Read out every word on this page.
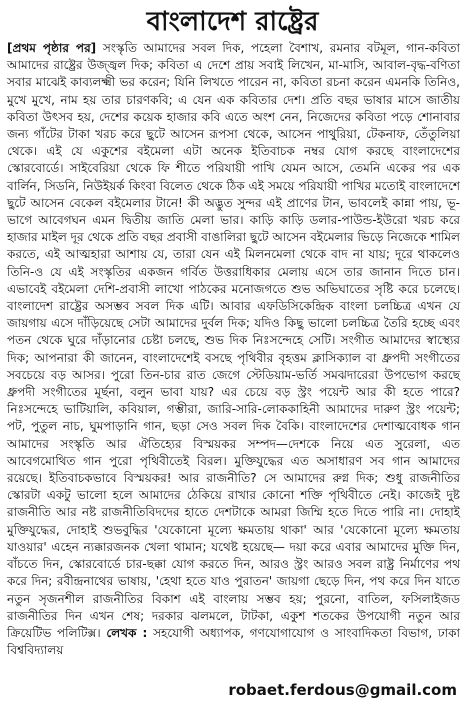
বাংলাদেশ রাষ্ট্রের

[প্রথম পৃষ্ঠার পর] সংস্কৃতি আমাদের সবল দিক, পহেলা বৈশাখ, রমনার বটমূল, গান-কবিতা আমাদের রাষ্ট্রের উজ্জ্বল দিক; কবিতা এ দেশে প্রায় সবাই লিখেন, মা-মাসি, আবাল-বৃদ্ধ-বণিতা সবার মাঝেই কাব্যলক্ষ্মী ভর করেন; যিনি লিখতে পারেন না, কবিতা রচনা করেন এমনকি তিনিও, মুখে মুখে, নাম হয় তার চারণকবি; এ যেন এক কবিতার দেশ। প্রতি বছর ভাষার মাসে জাতীয় কবিতা উৎসব হয়, দেশের কয়েক হাজার কবি এতে অংশ নেন, নিজেদের কবিতা পড়ে শোনাবার জন্য গাঁটের টাকা খরচ করে ছুটে আসেন রূপসা থেকে, আসেন পাথুরিয়া, টেকনাফ, তেঁতুলিয়া থেকে। এই যে একুশের বইমেলা এটা অনেক ইতিবাচক নম্বর যোগ করছে বাংলাদেশের স্কোরবোর্ডে। সাইবেরিয়া থেকে ফি শীতে পরিযায়ী পাখি যেমন আসে, তেমনি একের পর এক বার্লিন, সিডনি, নিউইয়র্ক কিংবা বিলেত থেকে ঠিক এই সময়ে পরিযায়ী পাখির মতোই বাংলাদেশে ছুটে আসেন বেকেল বইমেলার টানে! কী অদ্ভুত সুন্দর এই প্রাণের টান, ভাবলেই কান্না পায়, ভূ-ভাগে আবেগঘন এমন দ্বিতীয় জাতি মেলা ভার। কাড়ি কাড়ি ডলার-পাউন্ড-ইউরো খরচ করে হাজার মাইল দূর থেকে প্রতি বছর প্রবাসী বাঙালিরা ছুটে আসেন বইমেলার ভিড়ে নিজেকে শামিল করতে, এই আত্মহারা আশায় যে, তারা যেন এই মিলনমেলা থেকে বাদ না যায়; দূরে থাকলেও তিনি-ও যে এই সংস্কৃতির একজন গর্বিত উত্তরাধিকার মেলায় এসে তার জানান দিতে চান। এভাবেই বইমেলা দেশি-প্রবাসী লাখো পাঠকের মনোজগতে শুভ অভিঘাতের সৃষ্টি করে চলেছে। বাংলাদেশ রাষ্ট্রের অসম্ভব সবল দিক এটি। আবার এফডিসিকেন্দ্রিক বাংলা চলচ্চিত্র এখন যে জায়গায় এসে দাঁড়িয়েছে সেটা আমাদের দুর্বল দিক; যদিও কিছু ভালো চলচ্চিত্র তৈরি হচ্ছে এবং পতন থেকে ঘুরে দাঁড়ানোর চেষ্টা চলছে, শুভ দিক নিঃসন্দেহে সেটি। সংগীত আমাদের স্বাস্থ্যের দিক; আপনারা কী জানেন, বাংলাদেশেই বসছে পৃথিবীর বৃহত্তম ক্লাসিক্যাল বা ধ্রুপদী সংগীতের সবচেয়ে বড় আসর। পুরো তিন-চার রাত জেগে স্টেডিয়াম-ভর্তি সমঝদারেরা উপভোগ করছে ধ্রুপদী সংগীতের মূর্ছনা, বলুন ভাবা যায়? এর চেয়ে বড় স্ট্রং পয়েন্ট আর কী হতে পারে? নিঃসন্দেহে ভাটিয়ালি, কবিয়াল, গম্ভীরা, জারি-সারি-লোককাহিনী আমাদের দারুণ স্ট্রং পয়েন্ট; পট, পুতুল নাচ, ঘুমপাড়ানি গান, ছড়া সেও সবল দিক বৈকি। বাংলাদেশের দেশাত্মবোধক গান আমাদের সংস্কৃতি আর ঐতিহ্যের বিস্ময়কর সম্পদ—দেশকে নিয়ে এত সুরেলা, এত আবেগমোথিত গান পুরো পৃথিবীতেই বিরল। মুক্তিযুদ্ধের এত অসাধারণ সব গান আমাদের রয়েছে। ইতিবাচকভাবে বিস্ময়কর! আর রাজনীতি? সে আমাদের রুগ্ন দিক; শুধু রাজনীতির স্কোরটা একটু ভালো হলে আমাদের ঠেকিয়ে রাখার কোনো শক্তি পৃথিবীতে নেই। কাজেই দুষ্ট রাজনীতি আর নষ্ট রাজনীতিবিদদের হাতে দেশটাকে আমরা জিম্মি হতে দিতে পারি না। দোহাই মুক্তিযুদ্ধের, দোহাই শুভবুদ্ধির 'যেকোনো মূল্যে ক্ষমতায় থাকা' আর 'যেকোনো মূল্যে ক্ষমতায় যাওয়ার' এহেন ন্যক্কারজনক খেলা থামান; যথেষ্ট হয়েছে— দয়া করে এবার আমাদের মুক্তি দিন, বাঁচতে দিন, স্কোরবোর্ডে চার-ছক্কা যোগ করতে দিন, আরও স্ট্রং আরও সবল রাষ্ট্র নির্মাণের পথ করে দিন; রবীন্দ্রনাথের ভাষায়, 'হেথা হতে যাও পুরাতন' জায়গা ছেড়ে দিন, পথ করে দিন যাতে নতুন সৃজনশীল রাজনীতির বিকাশ এই বাংলায় সম্ভব হয়; পুরনো, বাতিল, ফসিলাইজড রাজনীতির দিন এখন শেষ; দরকার ঝলমলে, টাটকা, একুশ শতকের উপযোগী নতুন আর ক্রিয়েটিভ পলিটিক্স। লেখক : সহযোগী অধ্যাপক, গণযোগাযোগ ও সাংবাদিকতা বিভাগ, ঢাকা বিশ্ববিদ্যালয়

robaet.ferdous@gmail.com
